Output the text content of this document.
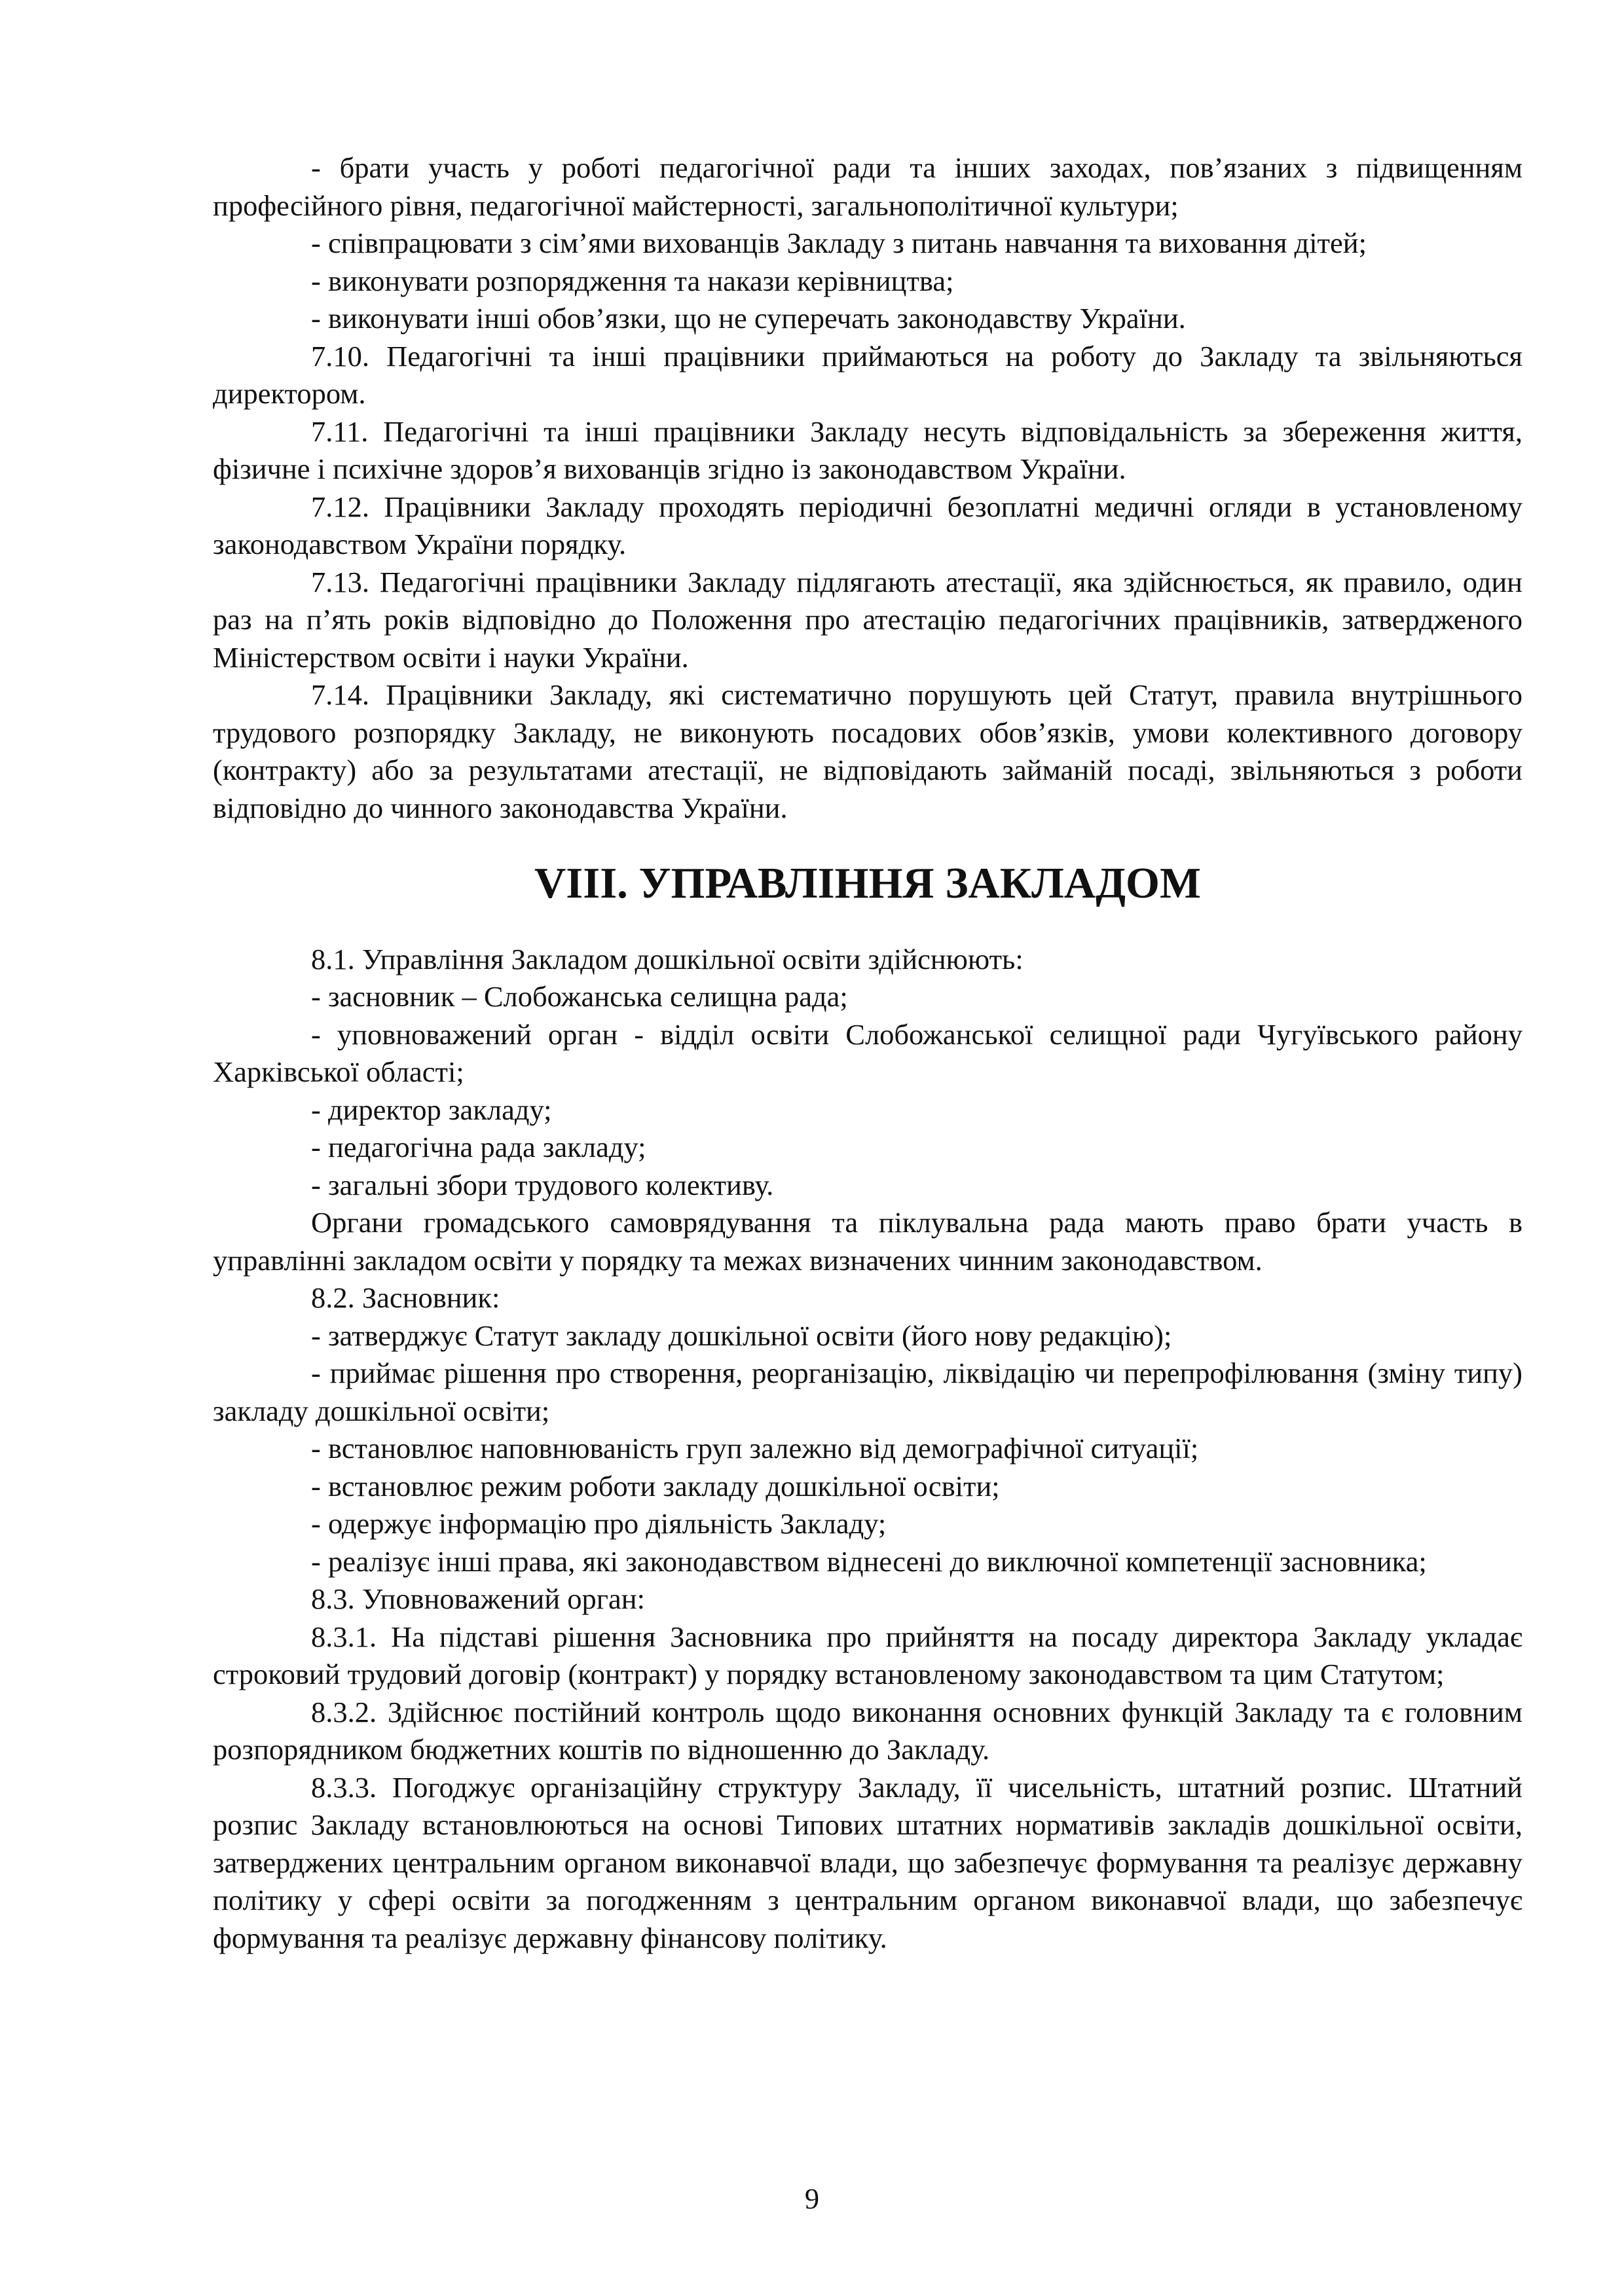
- брати участь у роботі педагогічної ради та інших заходах, пов’язаних з підвищенням професійного рівня, педагогічної майстерності, загальнополітичної культури;

- співпрацювати з сім’ями вихованців Закладу з питань навчання та виховання дітей;

- виконувати розпорядження та накази керівництва;

- виконувати інші обов’язки, що не суперечать законодавству України.

7.10. Педагогічні та інші працівники приймаються на роботу до Закладу та звільняються директором.

7.11. Педагогічні та інші працівники Закладу несуть відповідальність за збереження життя, фізичне і психічне здоров’я вихованців згідно із законодавством України.

7.12. Працівники Закладу проходять періодичні безоплатні медичні огляди в установленому законодавством України порядку.

7.13. Педагогічні працівники Закладу підлягають атестації, яка здійснюється, як правило, один раз на п’ять років відповідно до Положення про атестацію педагогічних працівників, затвердженого Міністерством освіти і науки України.

7.14. Працівники Закладу, які систематично порушують цей Статут, правила внутрішнього трудового розпорядку Закладу, не виконують посадових обов’язків, умови колективного договору (контракту) або за результатами атестації, не відповідають займаній посаді, звільняються з роботи відповідно до чинного законодавства України.

VIII. УПРАВЛІННЯ ЗАКЛАДОМ

8.1. Управління Закладом дошкільної освіти здійснюють:

- засновник – Слобожанська селищна рада;

- уповноважений орган - відділ освіти Слобожанської селищної ради Чугуївського району Харківської області;

- директор закладу;

- педагогічна рада закладу;

- загальні збори трудового колективу.

Органи громадського самоврядування та піклувальна рада мають право брати участь в управлінні закладом освіти у порядку та межах визначених чинним законодавством.

8.2. Засновник:

- затверджує Статут закладу дошкільної освіти (його нову редакцію);

- приймає рішення про створення, реорганізацію, ліквідацію чи перепрофілювання (зміну типу) закладу дошкільної освіти;

- встановлює наповнюваність груп залежно від демографічної ситуації;

- встановлює режим роботи закладу дошкільної освіти;

- одержує інформацію про діяльність Закладу;

- реалізує інші права, які законодавством віднесені до виключної компетенції засновника;

8.3. Уповноважений орган:

8.3.1. На підставі рішення Засновника про прийняття на посаду директора Закладу укладає строковий трудовий договір (контракт) у порядку встановленому законодавством та цим Статутом;

8.3.2. Здійснює постійний контроль щодо виконання основних функцій Закладу та є головним розпорядником бюджетних коштів по відношенню до Закладу.

8.3.3. Погоджує організаційну структуру Закладу, її чисельність, штатний розпис. Штатний розпис Закладу встановлюються на основі Типових штатних нормативів закладів дошкільної освіти, затверджених центральним органом виконавчої влади, що забезпечує формування та реалізує державну політику у сфері освіти за погодженням з центральним органом виконавчої влади, що забезпечує формування та реалізує державну фінансову політику.

9
